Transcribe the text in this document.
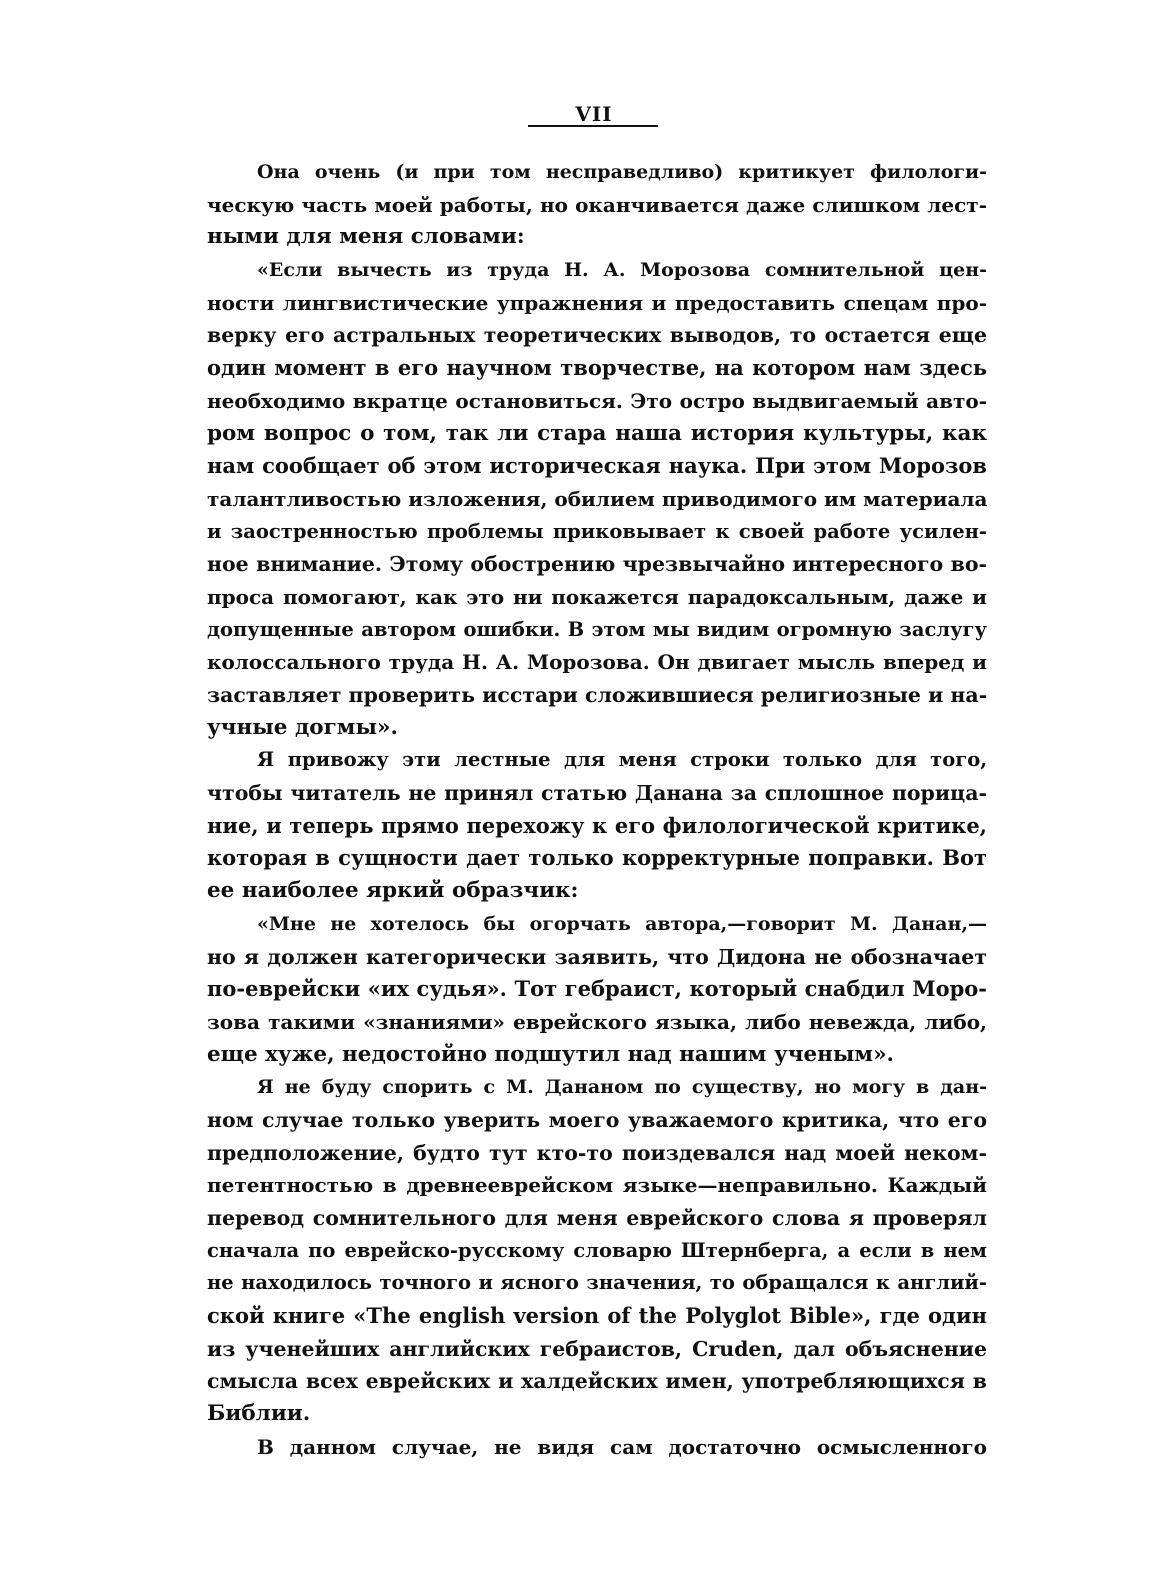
VII
Она очень (и при том несправедливо) критикует филологи-
ческую часть моей работы, но оканчивается даже слишком лест-
ными для меня словами:
«Если вычесть из труда Н. А. Морозова сомнительной цен-
ности лингвистические упражнения и предоставить спецам про-
верку его астральных теоретических выводов, то остается еще
один момент в его научном творчестве, на котором нам здесь
необходимо вкратце остановиться. Это остро выдвигаемый авто-
ром вопрос о том, так ли стара наша история культуры, как
нам сообщает об этом историческая наука. При этом Морозов
талантливостью изложения, обилием приводимого им материала
и заостренностью проблемы приковывает к своей работе усилен-
ное внимание. Этому обострению чрезвычайно интересного во-
проса помогают, как это ни покажется парадоксальным, даже и
допущенные автором ошибки. В этом мы видим огромную заслугу
колоссального труда Н. А. Морозова. Он двигает мысль вперед и
заставляет проверить исстари сложившиеся религиозные и на-
учные догмы».
Я привожу эти лестные для меня строки только для того,
чтобы читатель не принял статью Данана за сплошное порица-
ние, и теперь прямо перехожу к его филологической критике,
которая в сущности дает только корректурные поправки. Вот
ее наиболее яркий образчик:
«Мне не хотелось бы огорчать автора,—говорит М. Данан,—
но я должен категорически заявить, что Дидона не обозначает
по-еврейски «их судья». Тот гебраист, который снабдил Моро-
зова такими «знаниями» еврейского языка, либо невежда, либо,
еще хуже, недостойно подшутил над нашим ученым».
Я не буду спорить с М. Дананом по существу, но могу в дан-
ном случае только уверить моего уважаемого критика, что его
предположение, будто тут кто-то поиздевался над моей неком-
петентностью в древнееврейском языке—неправильно. Каждый
перевод сомнительного для меня еврейского слова я проверял
сначала по еврейско-русскому словарю Штернберга, а если в нем
не находилось точного и ясного значения, то обращался к англий-
ской книге «The english version of the Polyglot Bible», где один
из ученейших английских гебраистов, Cruden, дал объяснение
смысла всех еврейских и халдейских имен, употребляющихся в
Библии.
В данном случае, не видя сам достаточно осмысленного
